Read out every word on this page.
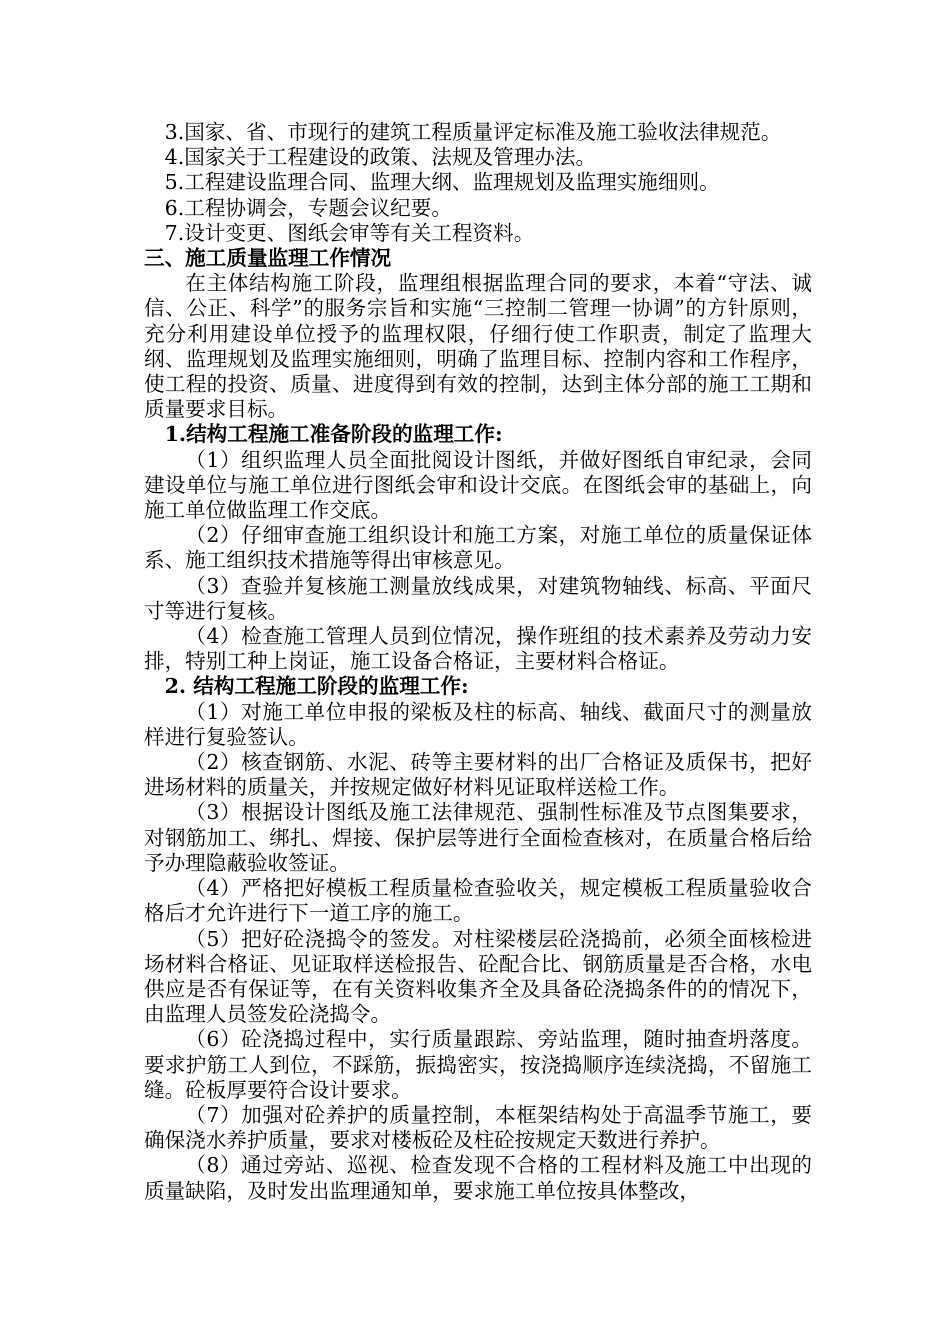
3.国家、省、市现行的建筑工程质量评定标准及施工验收法律规范。

4.国家关于工程建设的政策、法规及管理办法。

5.工程建设监理合同、监理大纲、监理规划及监理实施细则。

6.工程协调会，专题会议纪要。

7.设计变更、图纸会审等有关工程资料。

三、施工质量监理工作情况

在主体结构施工阶段，监理组根据监理合同的要求，本着“守法、诚信、公正、科学”的服务宗旨和实施“三控制二管理一协调”的方针原则，充分利用建设单位授予的监理权限，仔细行使工作职责，制定了监理大纲、监理规划及监理实施细则，明确了监理目标、控制内容和工作程序，使工程的投资、质量、进度得到有效的控制，达到主体分部的施工工期和质量要求目标。

1.结构工程施工准备阶段的监理工作:

（1）组织监理人员全面批阅设计图纸，并做好图纸自审纪录，会同建设单位与施工单位进行图纸会审和设计交底。在图纸会审的基础上，向施工单位做监理工作交底。

（2）仔细审查施工组织设计和施工方案，对施工单位的质量保证体系、施工组织技术措施等得出审核意见。

（3）查验并复核施工测量放线成果，对建筑物轴线、标高、平面尺寸等进行复核。

（4）检查施工管理人员到位情况，操作班组的技术素养及劳动力安排，特别工种上岗证，施工设备合格证，主要材料合格证。

2. 结构工程施工阶段的监理工作:

（1）对施工单位申报的梁板及柱的标高、轴线、截面尺寸的测量放样进行复验签认。

（2）核查钢筋、水泥、砖等主要材料的出厂合格证及质保书，把好进场材料的质量关，并按规定做好材料见证取样送检工作。

（3）根据设计图纸及施工法律规范、强制性标准及节点图集要求，对钢筋加工、绑扎、焊接、保护层等进行全面检查核对，在质量合格后给予办理隐蔽验收签证。

（4）严格把好模板工程质量检查验收关，规定模板工程质量验收合格后才允许进行下一道工序的施工。

（5）把好砼浇捣令的签发。对柱梁楼层砼浇捣前，必须全面核检进场材料合格证、见证取样送检报告、砼配合比、钢筋质量是否合格，水电供应是否有保证等，在有关资料收集齐全及具备砼浇捣条件的的情况下，由监理人员签发砼浇捣令。

（6）砼浇捣过程中，实行质量跟踪、旁站监理，随时抽查坍落度。要求护筋工人到位，不踩筋，振捣密实，按浇捣顺序连续浇捣，不留施工缝。砼板厚要符合设计要求。

（7）加强对砼养护的质量控制，本框架结构处于高温季节施工，要确保浇水养护质量，要求对楼板砼及柱砼按规定天数进行养护。

（8）通过旁站、巡视、检查发现不合格的工程材料及施工中出现的质量缺陷，及时发出监理通知单，要求施工单位按具体整改，
